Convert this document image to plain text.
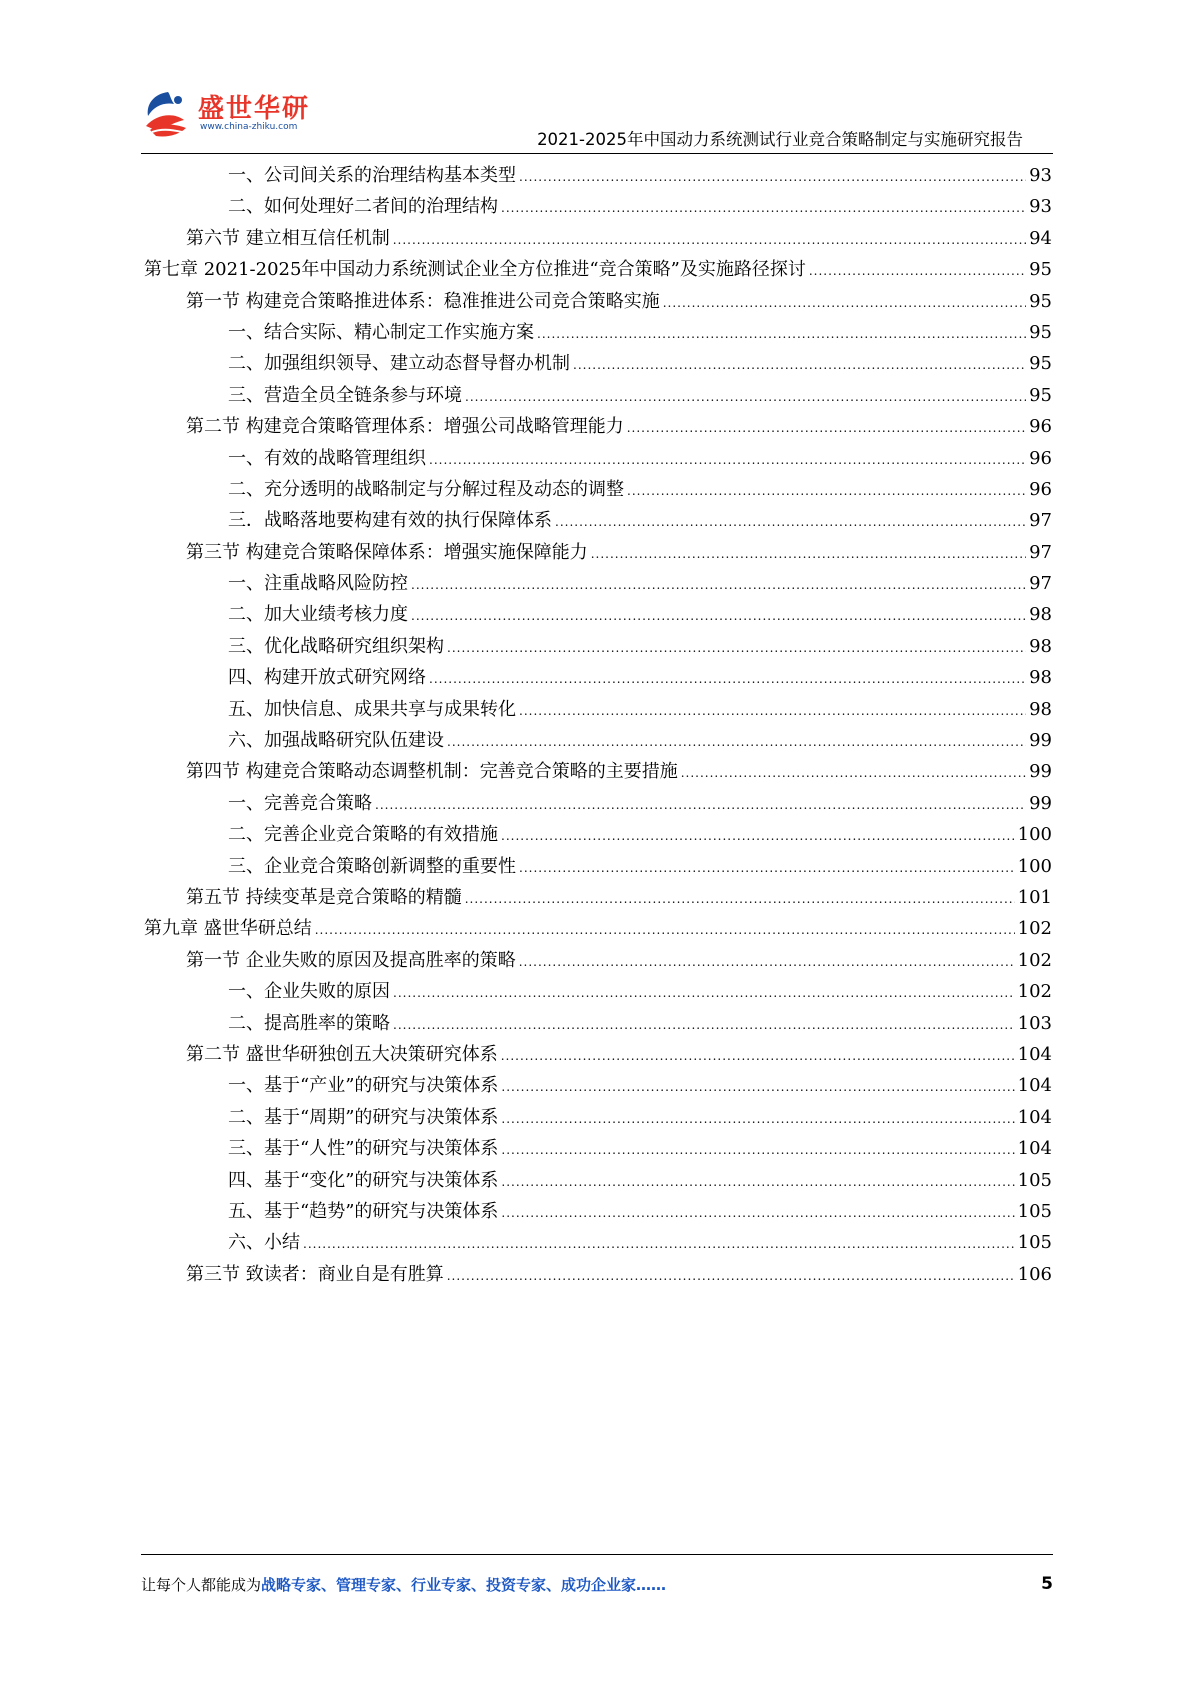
盛世华研
www.china-zhiku.com
2021-2025年中国动力系统测试行业竞合策略制定与实施研究报告
一、公司间关系的治理结构基本类型 .....	93
二、如何处理好二者间的治理结构 .....	93
第六节 建立相互信任机制 .....	94
第七章 2021-2025年中国动力系统测试企业全方位推进“竞合策略”及实施路径探讨 .....	95
第一节 构建竞合策略推进体系：稳准推进公司竞合策略实施 .....	95
一、结合实际、精心制定工作实施方案 .....	95
二、加强组织领导、建立动态督导督办机制 .....	95
三、营造全员全链条参与环境 .....	95
第二节 构建竞合策略管理体系：增强公司战略管理能力 .....	96
一、有效的战略管理组织 .....	96
二、充分透明的战略制定与分解过程及动态的调整 .....	96
三．战略落地要构建有效的执行保障体系 .....	97
第三节 构建竞合策略保障体系：增强实施保障能力 .....	97
一、注重战略风险防控 .....	97
二、加大业绩考核力度 .....	98
三、优化战略研究组织架构 .....	98
四、构建开放式研究网络 .....	98
五、加快信息、成果共享与成果转化 .....	98
六、加强战略研究队伍建设 .....	99
第四节 构建竞合策略动态调整机制：完善竞合策略的主要措施 .....	99
一、完善竞合策略 .....	99
二、完善企业竞合策略的有效措施 .....	100
三、企业竞合策略创新调整的重要性 .....	100
第五节 持续变革是竞合策略的精髓 .....	101
第九章 盛世华研总结 .....	102
第一节 企业失败的原因及提高胜率的策略 .....	102
一、企业失败的原因 .....	102
二、提高胜率的策略 .....	103
第二节 盛世华研独创五大决策研究体系 .....	104
一、基于“产业”的研究与决策体系 .....	104
二、基于“周期”的研究与决策体系 .....	104
三、基于“人性”的研究与决策体系 .....	104
四、基于“变化”的研究与决策体系 .....	105
五、基于“趋势”的研究与决策体系 .....	105
六、小结 .....	105
第三节 致读者：商业自是有胜算 .....	106
让每个人都能成为战略专家、管理专家、行业专家、投资专家、成功企业家……	5
